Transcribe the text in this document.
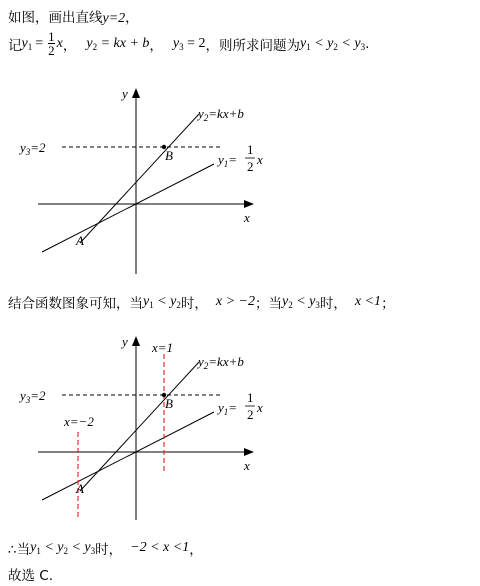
如图，画出直线y=2，
记 $y_1 = \frac{1}{2}$ x ， $y_2$ = kx + b ， $y_3 = 2$ ，则所求问题为 $y_1 < y_2 < y_3$ .
x
y
B
A
$y_3=2$
$y_2=kx+b$
$y_1=$
1
2 x
结合函数图象可知，当 $y_1 < y_2$ 时， x > −2 ；当 $y_2 < y_3$ 时， x <1 ；
x
y
B
A
x=1
x=−2
$y_3=2$
$y_2=kx+b$
$y_1=$
1
2 x
∴当 $y_1 < y_2 < y_3$ 时， −2 < x <1 ，
故选 C.
